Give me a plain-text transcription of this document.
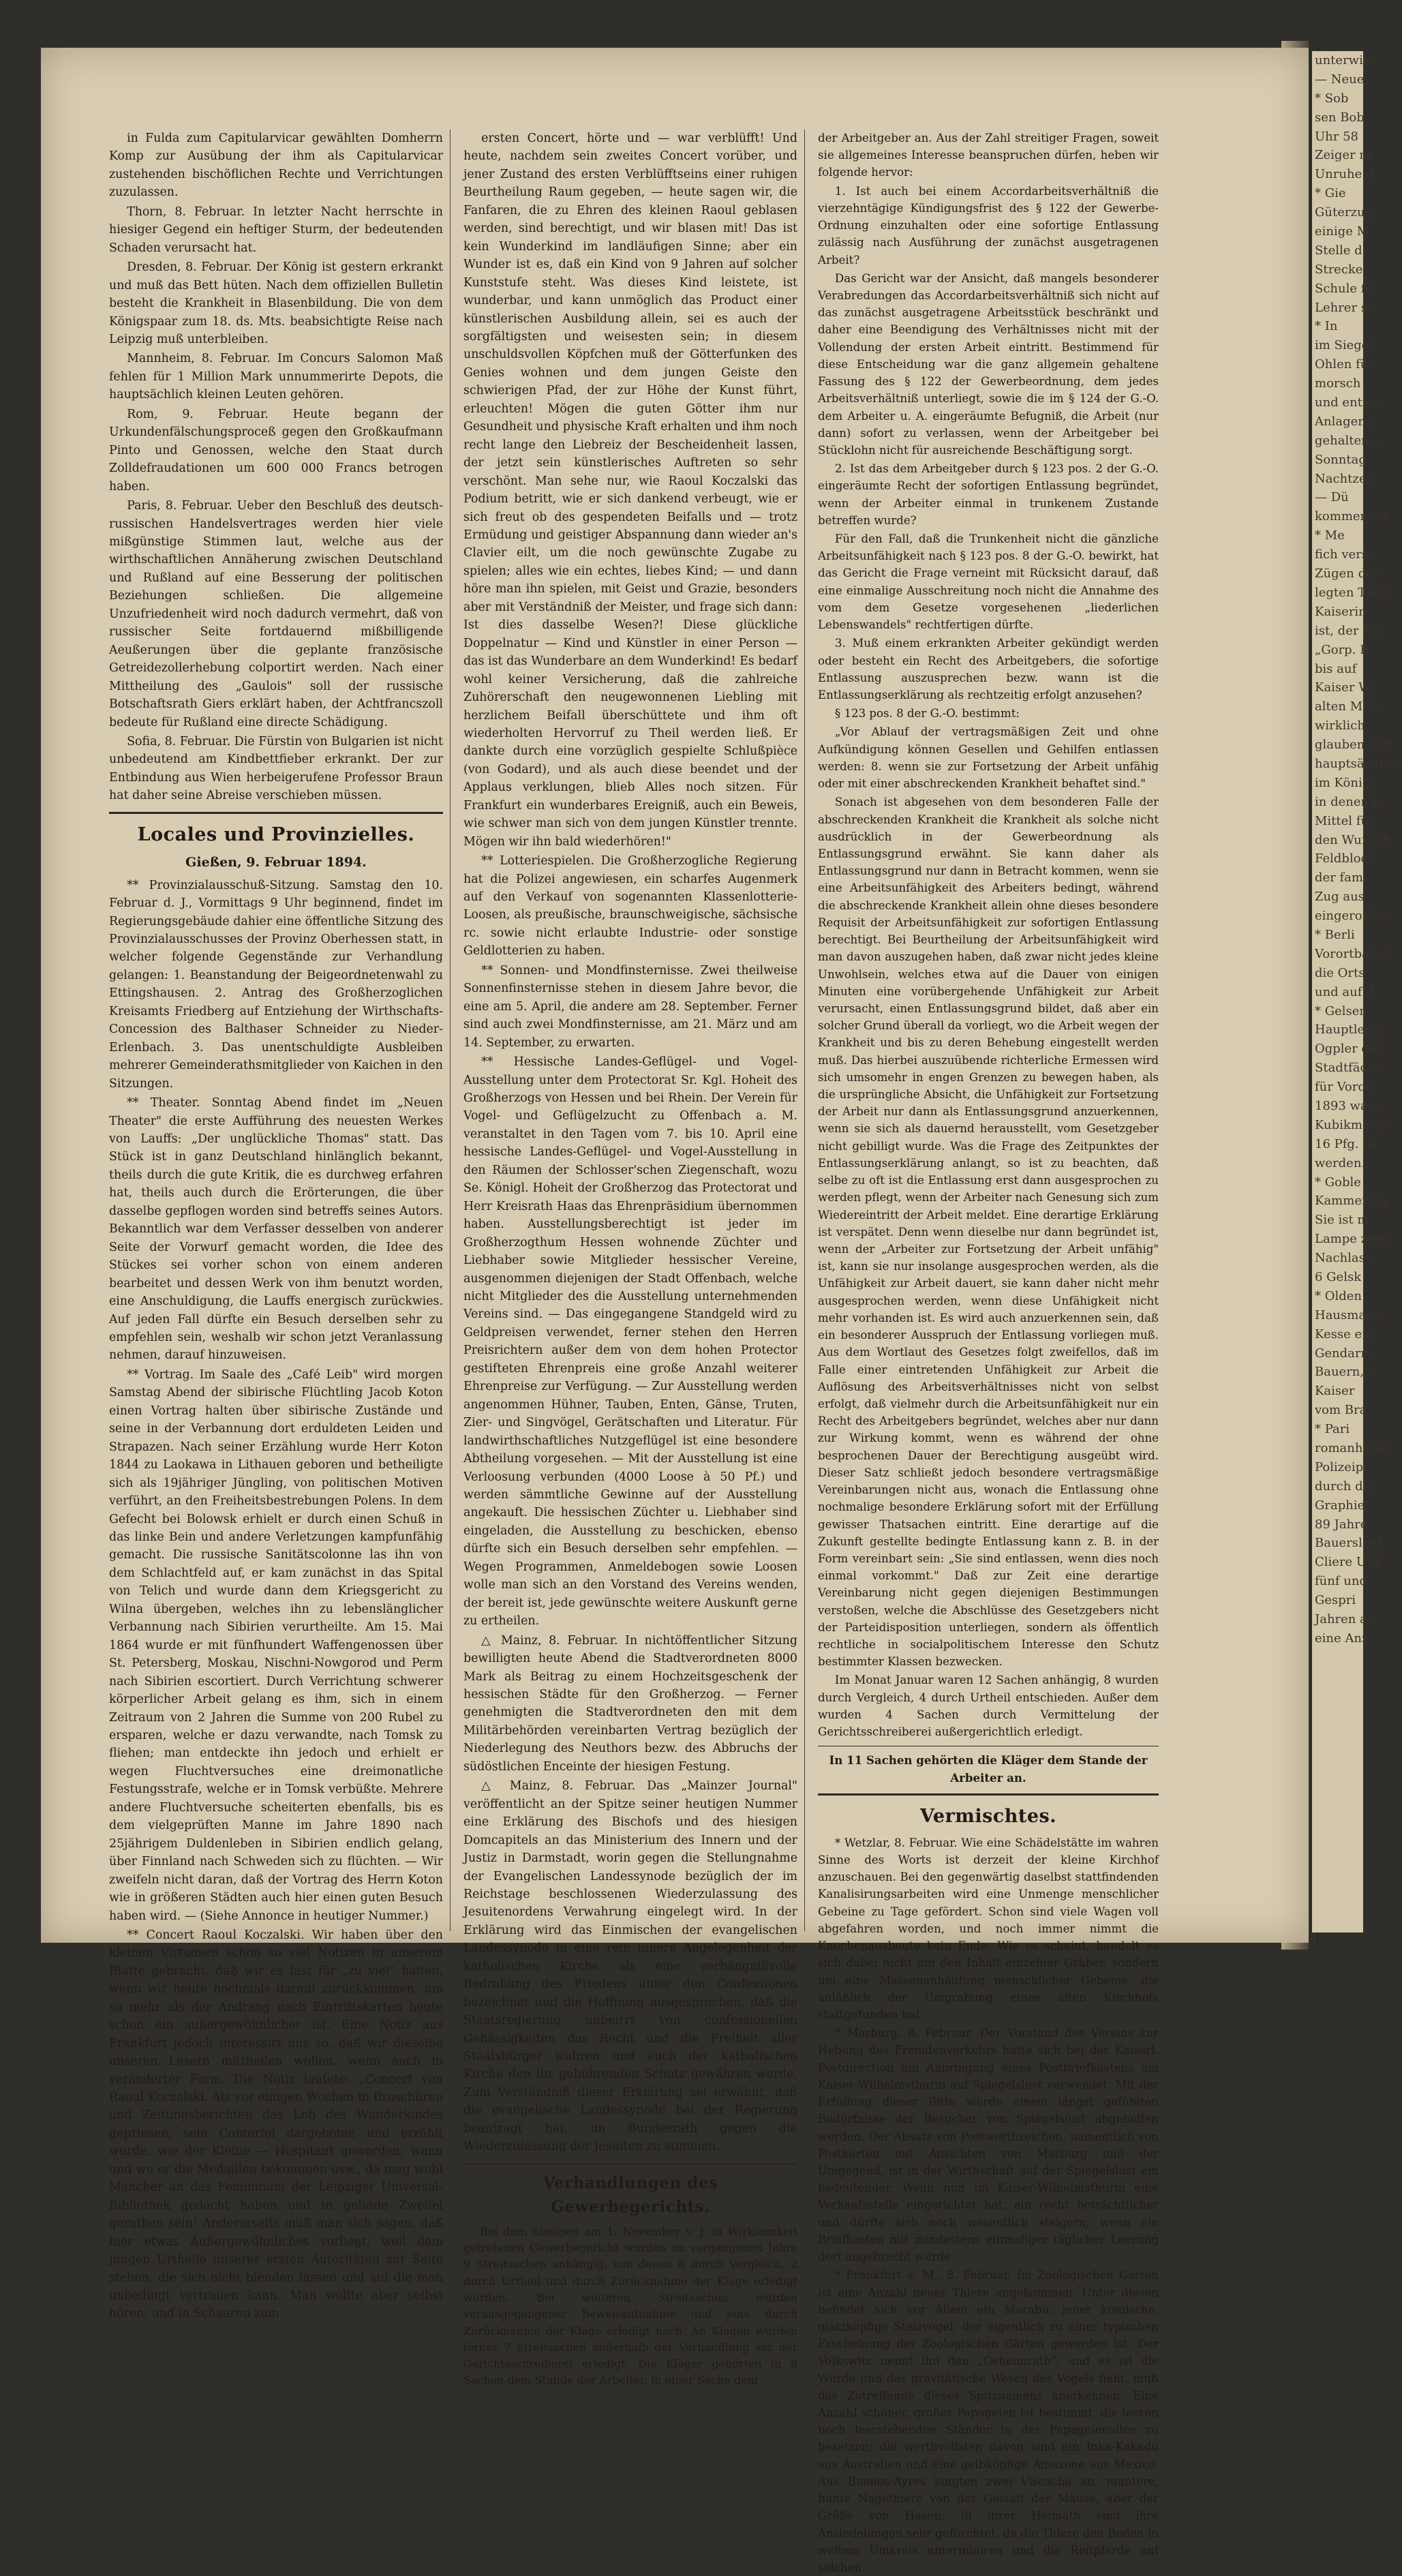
unterwiki
— Neue
* Sob
sen Bob
Uhr 58
Zeiger m
Unruhe d
* Gie
Güterzug
einige M
Stelle d
Strecke
Schule fo
Lehrer so
* In
im Siegen
Ohlen für
morsch
und entier
Anlagen n
gehalten s
Sonntag
Nachtzeit
— Dü
kommender
* Me
fich versi
Zügen der
legten Theil
Kaiserin
ist, der Ra
„Gorp. B
bis auf
Kaiser Wi
alten Mob
wirklich
glauben, mit
hauptsächlich
im Königl
in denen h
Mittel für
den Wunsch
Feldblock
der fami
Zug aus
eingeroffen
* Berli
Vorortbahnh
die Orts
und auf d
* Gelsen
Hauptlerei
Ogpler des
Stadtfäckel
für Vorori
1893 war a
Kubikmeter
16 Pfg. be
werden.
* Goble
Kammer da
Sie ist m
Lampe zerri
Nachlass
6 Gelsk
* Olden
Hausmann
Kesse ein
Gendarm
Bauern, d
Kaiser
vom Bra
* Pari
romanhafte
Polizeipr
durch die
Graphie
89 Jahre
Bauersleut
Cliere Unt
fünf und
Gespri
Jahren au
eine Anz

in Fulda zum Capitularvicar gewählten Domherrn Komp zur Ausübung der ihm als Capitularvicar zustehenden bischöflichen Rechte und Verrichtungen zuzulassen.

Thorn, 8. Februar. In letzter Nacht herrschte in hiesiger Gegend ein heftiger Sturm, der bedeutenden Schaden verursacht hat.

Dresden, 8. Februar. Der König ist gestern erkrankt und muß das Bett hüten. Nach dem offiziellen Bulletin besteht die Krankheit in Blasenbildung. Die von dem Königspaar zum 18. ds. Mts. beabsichtigte Reise nach Leipzig muß unterbleiben.

Mannheim, 8. Februar. Im Concurs Salomon Maß fehlen für 1 Million Mark unnummerirte Depots, die hauptsächlich kleinen Leuten gehören.

Rom, 9. Februar. Heute begann der Urkundenfälschungsproceß gegen den Großkaufmann Pinto und Genossen, welche den Staat durch Zolldefraudationen um 600 000 Francs betrogen haben.

Paris, 8. Februar. Ueber den Beschluß des deutsch-russischen Handelsvertrages werden hier viele mißgünstige Stimmen laut, welche aus der wirthschaftlichen Annäherung zwischen Deutschland und Rußland auf eine Besserung der politischen Beziehungen schließen. Die allgemeine Unzufriedenheit wird noch dadurch vermehrt, daß von russischer Seite fortdauernd mißbilligende Aeußerungen über die geplante französische Getreidezollerhebung colportirt werden. Nach einer Mittheilung des „Gaulois" soll der russische Botschaftsrath Giers erklärt haben, der Achtfrancszoll bedeute für Rußland eine directe Schädigung.

Sofia, 8. Februar. Die Fürstin von Bulgarien ist nicht unbedeutend am Kindbettfieber erkrankt. Der zur Entbindung aus Wien herbeigerufene Professor Braun hat daher seine Abreise verschieben müssen.

Locales und Provinzielles.
Gießen, 9. Februar 1894.

** Provinzialausschuß-Sitzung. Samstag den 10. Februar d. J., Vormittags 9 Uhr beginnend, findet im Regierungsgebäude dahier eine öffentliche Sitzung des Provinzialausschusses der Provinz Oberhessen statt, in welcher folgende Gegenstände zur Verhandlung gelangen: 1. Beanstandung der Beigeordnetenwahl zu Ettingshausen. 2. Antrag des Großherzoglichen Kreisamts Friedberg auf Entziehung der Wirthschafts-Concession des Balthaser Schneider zu Nieder-Erlenbach. 3. Das unentschuldigte Ausbleiben mehrerer Gemeinderathsmitglieder von Kaichen in den Sitzungen.

** Theater. Sonntag Abend findet im „Neuen Theater" die erste Aufführung des neuesten Werkes von Lauffs: „Der unglückliche Thomas" statt. Das Stück ist in ganz Deutschland hinlänglich bekannt, theils durch die gute Kritik, die es durchweg erfahren hat, theils auch durch die Erörterungen, die über dasselbe gepflogen worden sind betreffs seines Autors. Bekanntlich war dem Verfasser desselben von anderer Seite der Vorwurf gemacht worden, die Idee des Stückes sei vorher schon von einem anderen bearbeitet und dessen Werk von ihm benutzt worden, eine Anschuldigung, die Lauffs energisch zurückwies. Auf jeden Fall dürfte ein Besuch derselben sehr zu empfehlen sein, weshalb wir schon jetzt Veranlassung nehmen, darauf hinzuweisen.

** Vortrag. Im Saale des „Café Leib" wird morgen Samstag Abend der sibirische Flüchtling Jacob Koton einen Vortrag halten über sibirische Zustände und seine in der Verbannung dort erduldeten Leiden und Strapazen. Nach seiner Erzählung wurde Herr Koton 1844 zu Laokawa in Lithauen geboren und betheiligte sich als 19jähriger Jüngling, von politischen Motiven verführt, an den Freiheitsbestrebungen Polens. In dem Gefecht bei Bolowsk erhielt er durch einen Schuß in das linke Bein und andere Verletzungen kampfunfähig gemacht. Die russische Sanitätscolonne las ihn von dem Schlachtfeld auf, er kam zunächst in das Spital von Telich und wurde dann dem Kriegsgericht zu Wilna übergeben, welches ihn zu lebenslänglicher Verbannung nach Sibirien verurtheilte. Am 15. Mai 1864 wurde er mit fünfhundert Waffengenossen über St. Petersberg, Moskau, Nischni-Nowgorod und Perm nach Sibirien escortiert. Durch Verrichtung schwerer körperlicher Arbeit gelang es ihm, sich in einem Zeitraum von 2 Jahren die Summe von 200 Rubel zu ersparen, welche er dazu verwandte, nach Tomsk zu fliehen; man entdeckte ihn jedoch und erhielt er wegen Fluchtversuches eine dreimonatliche Festungsstrafe, welche er in Tomsk verbüßte. Mehrere andere Fluchtversuche scheiterten ebenfalls, bis es dem vielgeprüften Manne im Jahre 1890 nach 25jährigem Duldenleben in Sibirien endlich gelang, über Finnland nach Schweden sich zu flüchten. — Wir zweifeln nicht daran, daß der Vortrag des Herrn Koton wie in größeren Städten auch hier einen guten Besuch haben wird. — (Siehe Annonce in heutiger Nummer.)

** Concert Raoul Koczalski. Wir haben über den kleinen Virtuosen schon so viel Notizen in unserem Blatte gebracht, daß wir es fast für „zu viel" halten, wenn wir heute nochmals darauf zurückkommen, um so mehr als der Andrang nach Eintrittskarten heute schon ein außergewöhnlicher ist. Eine Notiz aus Frankfurt jedoch interessirt uns so, daß wir dieselbe unseren Lesern mittheilen wollen, wenn auch in veränderter Form. Die Notiz lautete: „Concert von Raoul Koczalski. Als vor einigen Wochen in Broschüren und Zeitungsberichten das Lob des Wunderkindes gepriesen, sein Conterfei dargeboten und erzählt wurde, wie der Kleine — Hospitant geworden, wann und wo er die Medaillen bekommen usw., da mag wohl Mancher an das Femininum der Leipziger Universal-Bibliothek gedacht haben und in gelinde Zweifel gerathen sein! Andererseits muß man sich sagen, daß hier etwas Außergewöhnliches vorliegt, weil dem jungen Urtheile unserer ersten Autoritäten zur Seite stehen, die sich nicht blenden lassen und auf die man unbedingt vertrauen kann. Man wollte aber selbst hören, und in Schaaren zum

ersten Concert, hörte und — war verblüfft! Und heute, nachdem sein zweites Concert vorüber, und jener Zustand des ersten Verblüfftseins einer ruhigen Beurtheilung Raum gegeben, — heute sagen wir, die Fanfaren, die zu Ehren des kleinen Raoul geblasen werden, sind berechtigt, und wir blasen mit! Das ist kein Wunderkind im landläufigen Sinne; aber ein Wunder ist es, daß ein Kind von 9 Jahren auf solcher Kunststufe steht. Was dieses Kind leistete, ist wunderbar, und kann unmöglich das Product einer künstlerischen Ausbildung allein, sei es auch der sorgfältigsten und weisesten sein; in diesem unschuldsvollen Köpfchen muß der Götterfunken des Genies wohnen und dem jungen Geiste den schwierigen Pfad, der zur Höhe der Kunst führt, erleuchten! Mögen die guten Götter ihm nur Gesundheit und physische Kraft erhalten und ihm noch recht lange den Liebreiz der Bescheidenheit lassen, der jetzt sein künstlerisches Auftreten so sehr verschönt. Man sehe nur, wie Raoul Koczalski das Podium betritt, wie er sich dankend verbeugt, wie er sich freut ob des gespendeten Beifalls und — trotz Ermüdung und geistiger Abspannung dann wieder an's Clavier eilt, um die noch gewünschte Zugabe zu spielen; alles wie ein echtes, liebes Kind; — und dann höre man ihn spielen, mit Geist und Grazie, besonders aber mit Verständniß der Meister, und frage sich dann: Ist dies dasselbe Wesen?! Diese glückliche Doppelnatur — Kind und Künstler in einer Person — das ist das Wunderbare an dem Wunderkind! Es bedarf wohl keiner Versicherung, daß die zahlreiche Zuhörerschaft den neugewonnenen Liebling mit herzlichem Beifall überschüttete und ihm oft wiederholten Hervorruf zu Theil werden ließ. Er dankte durch eine vorzüglich gespielte Schlußpièce (von Godard), und als auch diese beendet und der Applaus verklungen, blieb Alles noch sitzen. Für Frankfurt ein wunderbares Ereigniß, auch ein Beweis, wie schwer man sich von dem jungen Künstler trennte. Mögen wir ihn bald wiederhören!"

** Lotteriespielen. Die Großherzogliche Regierung hat die Polizei angewiesen, ein scharfes Augenmerk auf den Verkauf von sogenannten Klassenlotterie-Loosen, als preußische, braunschweigische, sächsische rc. sowie nicht erlaubte Industrie- oder sonstige Geldlotterien zu haben.

** Sonnen- und Mondfinsternisse. Zwei theilweise Sonnenfinsternisse stehen in diesem Jahre bevor, die eine am 5. April, die andere am 28. September. Ferner sind auch zwei Mondfinsternisse, am 21. März und am 14. September, zu erwarten.

** Hessische Landes-Geflügel- und Vogel-Ausstellung unter dem Protectorat Sr. Kgl. Hoheit des Großherzogs von Hessen und bei Rhein. Der Verein für Vogel- und Geflügelzucht zu Offenbach a. M. veranstaltet in den Tagen vom 7. bis 10. April eine hessische Landes-Geflügel- und Vogel-Ausstellung in den Räumen der Schlosser'schen Ziegenschaft, wozu Se. Königl. Hoheit der Großherzog das Protectorat und Herr Kreisrath Haas das Ehrenpräsidium übernommen haben. Ausstellungsberechtigt ist jeder im Großherzogthum Hessen wohnende Züchter und Liebhaber sowie Mitglieder hessischer Vereine, ausgenommen diejenigen der Stadt Offenbach, welche nicht Mitglieder des die Ausstellung unternehmenden Vereins sind. — Das eingegangene Standgeld wird zu Geldpreisen verwendet, ferner stehen den Herren Preisrichtern außer dem von dem hohen Protector gestifteten Ehrenpreis eine große Anzahl weiterer Ehrenpreise zur Verfügung. — Zur Ausstellung werden angenommen Hühner, Tauben, Enten, Gänse, Truten, Zier- und Singvögel, Gerätschaften und Literatur. Für landwirthschaftliches Nutzgeflügel ist eine besondere Abtheilung vorgesehen. — Mit der Ausstellung ist eine Verloosung verbunden (4000 Loose à 50 Pf.) und werden sämmtliche Gewinne auf der Ausstellung angekauft. Die hessischen Züchter u. Liebhaber sind eingeladen, die Ausstellung zu beschicken, ebenso dürfte sich ein Besuch derselben sehr empfehlen. — Wegen Programmen, Anmeldebogen sowie Loosen wolle man sich an den Vorstand des Vereins wenden, der bereit ist, jede gewünschte weitere Auskunft gerne zu ertheilen.

△ Mainz, 8. Februar. In nichtöffentlicher Sitzung bewilligten heute Abend die Stadtverordneten 8000 Mark als Beitrag zu einem Hochzeitsgeschenk der hessischen Städte für den Großherzog. — Ferner genehmigten die Stadtverordneten den mit dem Militärbehörden vereinbarten Vertrag bezüglich der Niederlegung des Neuthors bezw. des Abbruchs der südöstlichen Enceinte der hiesigen Festung.

△ Mainz, 8. Februar. Das „Mainzer Journal" veröffentlicht an der Spitze seiner heutigen Nummer eine Erklärung des Bischofs und des hiesigen Domcapitels an das Ministerium des Innern und der Justiz in Darmstadt, worin gegen die Stellungnahme der Evangelischen Landessynode bezüglich der im Reichstage beschlossenen Wiederzulassung des Jesuitenordens Verwahrung eingelegt wird. In der Erklärung wird das Einmischen der evangelischen Landessynode in eine rein innere Angelegenheit der katholischen Kirche als eine verhängnißvolle Bedrohung des Friedens unter den Confessionen bezeichnet und die Hoffnung ausgesprochen, daß die Staatsregierung unbeirrt von confessionellen Gehässigkeiten das Recht und die Freiheit aller Staatsbürger wahren und auch der katholischen Kirche den ihr gebührenden Schutz gewähren werde. Zum Verständniß dieser Erklärung sei erwähnt, daß die evangelische Landessynode bei der Regierung beantragt hat, im Bundesrath gegen die Wiederzulassung der Jesuiten zu stimmen.

Verhandlungen des Gewerbegerichts.

Bei dem hiesigen am 1. November v. J. in Wirksamkeit getretenen Gewerbegericht wurden im vergangenen Jahre 9 Streitsachen anhängig, von denen 6 durch Vergleich, 2 durch Urtheil und durch Zurücknahme der Klage erledigt wurden. Bei weiteren Streitsachen wurden vorausgegangener Beweisaufnahme und eine durch Zurücknahme der Klage erledigt nach. An Klagen wurden ferner 7 Streitsachen außerhalb der Verhandlung vor der Gerichtsschreiberei erledigt. Die Kläger gehörten in 8 Sachen dem Stande der Arbeiter, in einer Sache dem

der Arbeitgeber an. Aus der Zahl streitiger Fragen, soweit sie allgemeines Interesse beanspruchen dürfen, heben wir folgende hervor:

1. Ist auch bei einem Accordarbeitsverhältniß die vierzehntägige Kündigungsfrist des § 122 der Gewerbe-Ordnung einzuhalten oder eine sofortige Entlassung zulässig nach Ausführung der zunächst ausgetragenen Arbeit?

Das Gericht war der Ansicht, daß mangels besonderer Verabredungen das Accordarbeitsverhältniß sich nicht auf das zunächst ausgetragene Arbeitsstück beschränkt und daher eine Beendigung des Verhältnisses nicht mit der Vollendung der ersten Arbeit eintritt. Bestimmend für diese Entscheidung war die ganz allgemein gehaltene Fassung des § 122 der Gewerbeordnung, dem jedes Arbeitsverhältniß unterliegt, sowie die im § 124 der G.-O. dem Arbeiter u. A. eingeräumte Befugniß, die Arbeit (nur dann) sofort zu verlassen, wenn der Arbeitgeber bei Stücklohn nicht für ausreichende Beschäftigung sorgt.

2. Ist das dem Arbeitgeber durch § 123 pos. 2 der G.-O. eingeräumte Recht der sofortigen Entlassung begründet, wenn der Arbeiter einmal in trunkenem Zustande betreffen wurde?

Für den Fall, daß die Trunkenheit nicht die gänzliche Arbeitsunfähigkeit nach § 123 pos. 8 der G.-O. bewirkt, hat das Gericht die Frage verneint mit Rücksicht darauf, daß eine einmalige Ausschreitung noch nicht die Annahme des vom dem Gesetze vorgesehenen „liederlichen Lebenswandels" rechtfertigen dürfte.

3. Muß einem erkrankten Arbeiter gekündigt werden oder besteht ein Recht des Arbeitgebers, die sofortige Entlassung auszusprechen bezw. wann ist die Entlassungserklärung als rechtzeitig erfolgt anzusehen?

§ 123 pos. 8 der G.-O. bestimmt:

„Vor Ablauf der vertragsmäßigen Zeit und ohne Aufkündigung können Gesellen und Gehilfen entlassen werden: 8. wenn sie zur Fortsetzung der Arbeit unfähig oder mit einer abschreckenden Krankheit behaftet sind."

Sonach ist abgesehen von dem besonderen Falle der abschreckenden Krankheit die Krankheit als solche nicht ausdrücklich in der Gewerbeordnung als Entlassungsgrund erwähnt. Sie kann daher als Entlassungsgrund nur dann in Betracht kommen, wenn sie eine Arbeitsunfähigkeit des Arbeiters bedingt, während die abschreckende Krankheit allein ohne dieses besondere Requisit der Arbeitsunfähigkeit zur sofortigen Entlassung berechtigt. Bei Beurtheilung der Arbeitsunfähigkeit wird man davon auszugehen haben, daß zwar nicht jedes kleine Unwohlsein, welches etwa auf die Dauer von einigen Minuten eine vorübergehende Unfähigkeit zur Arbeit verursacht, einen Entlassungsgrund bildet, daß aber ein solcher Grund überall da vorliegt, wo die Arbeit wegen der Krankheit und bis zu deren Behebung eingestellt werden muß. Das hierbei auszuübende richterliche Ermessen wird sich umsomehr in engen Grenzen zu bewegen haben, als die ursprüngliche Absicht, die Unfähigkeit zur Fortsetzung der Arbeit nur dann als Entlassungsgrund anzuerkennen, wenn sie sich als dauernd herausstellt, vom Gesetzgeber nicht gebilligt wurde. Was die Frage des Zeitpunktes der Entlassungserklärung anlangt, so ist zu beachten, daß selbe zu oft ist die Entlassung erst dann ausgesprochen zu werden pflegt, wenn der Arbeiter nach Genesung sich zum Wiedereintritt der Arbeit meldet. Eine derartige Erklärung ist verspätet. Denn wenn dieselbe nur dann begründet ist, wenn der „Arbeiter zur Fortsetzung der Arbeit unfähig" ist, kann sie nur insolange ausgesprochen werden, als die Unfähigkeit zur Arbeit dauert, sie kann daher nicht mehr ausgesprochen werden, wenn diese Unfähigkeit nicht mehr vorhanden ist. Es wird auch anzuerkennen sein, daß ein besonderer Ausspruch der Entlassung vorliegen muß. Aus dem Wortlaut des Gesetzes folgt zweifellos, daß im Falle einer eintretenden Unfähigkeit zur Arbeit die Auflösung des Arbeitsverhältnisses nicht von selbst erfolgt, daß vielmehr durch die Arbeitsunfähigkeit nur ein Recht des Arbeitgebers begründet, welches aber nur dann zur Wirkung kommt, wenn es während der ohne besprochenen Dauer der Berechtigung ausgeübt wird. Dieser Satz schließt jedoch besondere vertragsmäßige Vereinbarungen nicht aus, wonach die Entlassung ohne nochmalige besondere Erklärung sofort mit der Erfüllung gewisser Thatsachen eintritt. Eine derartige auf die Zukunft gestellte bedingte Entlassung kann z. B. in der Form vereinbart sein: „Sie sind entlassen, wenn dies noch einmal vorkommt." Daß zur Zeit eine derartige Vereinbarung nicht gegen diejenigen Bestimmungen verstoßen, welche die Abschlüsse des Gesetzgebers nicht der Parteidisposition unterliegen, sondern als öffentlich rechtliche in socialpolitischem Interesse den Schutz bestimmter Klassen bezwecken.

Im Monat Januar waren 12 Sachen anhängig, 8 wurden durch Vergleich, 4 durch Urtheil entschieden. Außer dem wurden 4 Sachen durch Vermittelung der Gerichtsschreiberei außergerichtlich erledigt.

In 11 Sachen gehörten die Kläger dem Stande der Arbeiter an.
Vermischtes.

* Wetzlar, 8. Februar. Wie eine Schädelstätte im wahren Sinne des Worts ist derzeit der kleine Kirchhof anzuschauen. Bei den gegenwärtig daselbst stattfindenden Kanalisirungsarbeiten wird eine Unmenge menschlicher Gebeine zu Tage gefördert. Schon sind viele Wagen voll abgefahren worden, und noch immer nimmt die Knochenausbeute kein Ende. Wie es scheint, handelt es sich dabei nicht um den Inhalt einzelner Gräber, sondern um eine Massenanhäufung menschlicher Gebeine, die anläßlich der Umgrabung eines alten Kirchhofs stattgefunden hat.

* Marburg, 8. Februar. Der Vorstand des Vereins zur Hebung des Fremdenverkehrs hatte sich bei der Kaiserl. Postdirection um Anbringung eines Postbriefkastens am Kaiser-Wilhelmsthurm auf Spiegelslust verwendet. Mit der Erfüllung dieser Bitte würde einem längst gefühlten Bedürfnisse der Besucher von Spiegelslust abgeholfen werden. Der Absatz von Postwerthzeichen, namentlich von Postkarten mit Ansichten von Marburg und der Umgegend, ist in der Wirthschaft auf der Spiegelslust ein bedeutender. Wenn nun im Kaiser-Wilhelmsthurm eine Verkaufsstelle eingerichtet hat, ein recht beträchtlicher und dürfte sich noch wesentlich steigern, wenn ein Briefkasten mit mindestens einmaliger täglicher Leerung dort angebracht würde.

* Frankfurt a. M., 8. Februar. Im Zoologischen Garten ist eine Anzahl neuer Thiere angekommen. Unter diesen befindet sich vor Allem ein Marabu, jener komische, glatzköpfige Stelzvogel, der eigentlich zu einer typischen Erscheinung der Zoologischen Gärten geworden ist. Der Volkswitz nennt ihn den „Geheimrath", und es ist die Würde und das gravitätische Wesen des Vogels fieht, muß das Zutreffende dieses Spitznamens anerkennen. Eine Anzahl schöner, großer Papageien ist bestimmt, die leeren noch leerstehenden Ständer in der Papageienallee zu besetzen; die werthvollsten davon sind ein Inka-Kakadu aus Australien und eine gelbköpfige Amazone aus Mexico. Aus Buenos-Ayres langten zwei Viscacha an, muntere, bunte Nagethiere von der Gestalt der Mäuse, aber der Größe von Hasen. In ihrer Heimath sind ihre Ansiedelungen sehr gefürchtet, da die Thiere den Boden in weitem Umkreis unterminiren und die Reitpferde auf solchen
